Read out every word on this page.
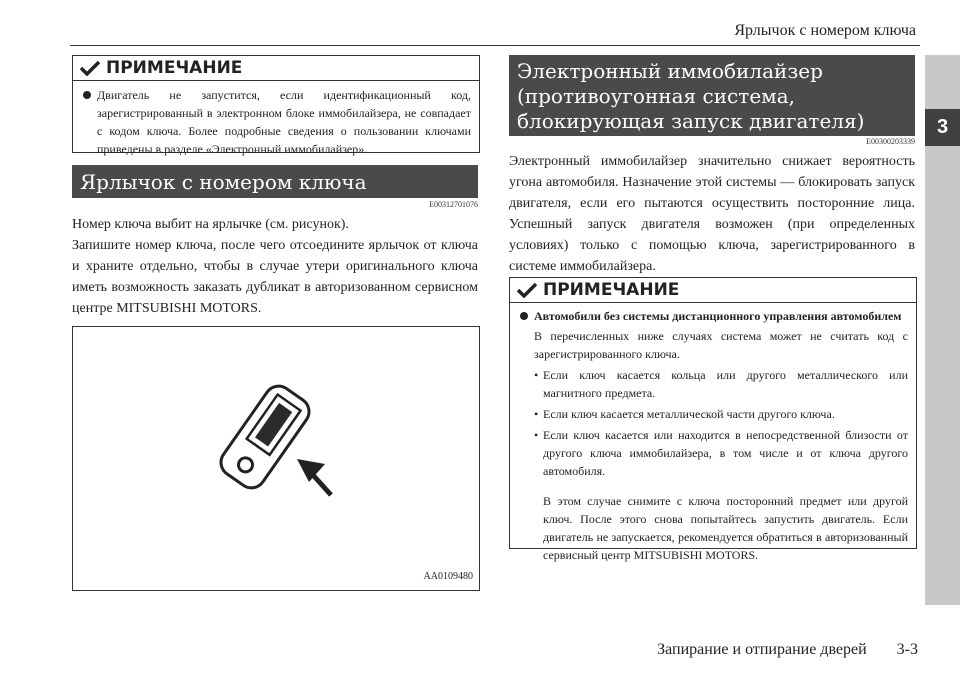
Ярлычок с номером ключа
3
ПРИМЕЧАНИЕ
Двигатель не запустится, если идентификационный код, зарегистрированный в электронном блоке иммобилайзера, не совпадает с кодом ключа. Более подробные сведения о пользовании ключами приведены в разделе «Электронный иммобилайзер».
Ярлычок с номером ключа
E00312701076

Номер ключа выбит на ярлычке (см. рисунок).

Запишите номер ключа, после чего отсоедините ярлычок от ключа и храните отдельно, чтобы в случае утери оригинального ключа иметь возможность заказать дубликат в авторизованном сервисном центре MITSUBISHI MOTORS.

AA0109480
Электронный иммобилайзер (противоугонная система, блокирующая запуск двигателя)
E00300203339

Электронный иммобилайзер значительно снижает вероятность угона автомобиля. Назначение этой системы — блокировать запуск двигателя, если его пытаются осуществить посторонние лица. Успешный запуск двигателя возможен (при определенных условиях) только с помощью ключа, зарегистрированного в системе иммобилайзера.

ПРИМЕЧАНИЕ
Автомобили без системы дистанционного управления автомобилем
В перечисленных ниже случаях система может не считать код с зарегистрированного ключа.
• Если ключ касается кольца или другого металлического или магнитного предмета.
• Если ключ касается металлической части другого ключа.
• Если ключ касается или находится в непосредственной близости от другого ключа иммобилайзера, в том числе и от ключа другого автомобиля.
В этом случае снимите с ключа посторонний предмет или другой ключ. После этого снова попытайтесь запустить двигатель. Если двигатель не запускается, рекомендуется обратиться в авторизованный сервисный центр MITSUBISHI MOTORS.
Запирание и отпирание дверей 3-3
